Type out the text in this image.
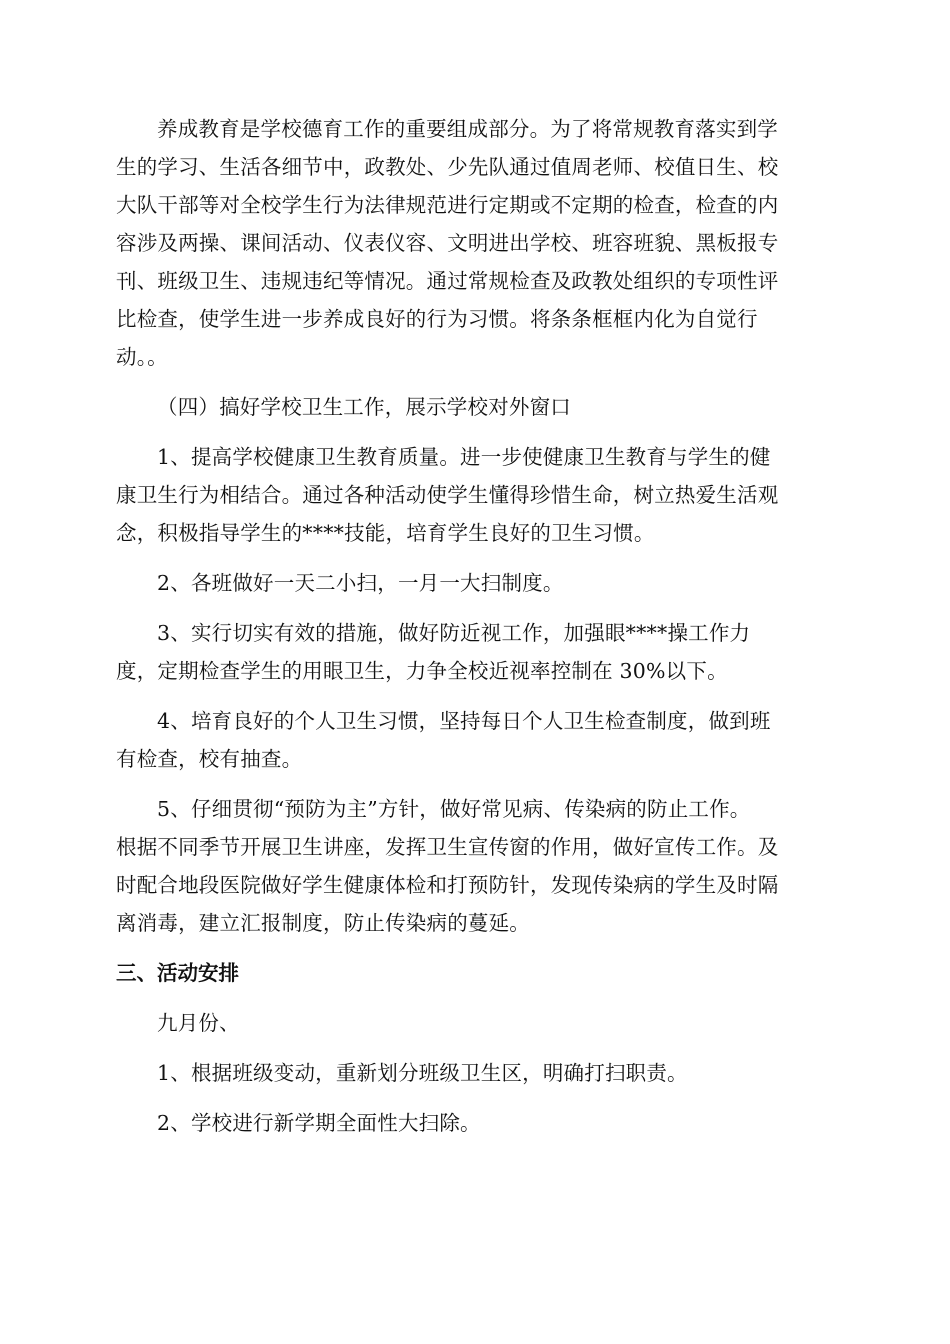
养成教育是学校德育工作的重要组成部分。为了将常规教育落实到学
生的学习、生活各细节中，政教处、少先队通过值周老师、校值日生、校
大队干部等对全校学生行为法律规范进行定期或不定期的检查，检查的内
容涉及两操、课间活动、仪表仪容、文明进出学校、班容班貌、黑板报专
刊、班级卫生、违规违纪等情况。通过常规检查及政教处组织的专项性评
比检查，使学生进一步养成良好的行为习惯。将条条框框内化为自觉行
动。。

（四）搞好学校卫生工作，展示学校对外窗口

1、提高学校健康卫生教育质量。进一步使健康卫生教育与学生的健
康卫生行为相结合。通过各种活动使学生懂得珍惜生命，树立热爱生活观
念，积极指导学生的****技能，培育学生良好的卫生习惯。

2、各班做好一天二小扫，一月一大扫制度。

3、实行切实有效的措施，做好防近视工作，加强眼****操工作力
度，定期检查学生的用眼卫生，力争全校近视率控制在 30%以下。

4、培育良好的个人卫生习惯，坚持每日个人卫生检查制度，做到班
有检查，校有抽查。

5、仔细贯彻“预防为主”方针，做好常见病、传染病的防止工作。
根据不同季节开展卫生讲座，发挥卫生宣传窗的作用，做好宣传工作。及
时配合地段医院做好学生健康体检和打预防针，发现传染病的学生及时隔
离消毒，建立汇报制度，防止传染病的蔓延。

三、活动安排

九月份、

1、根据班级变动，重新划分班级卫生区，明确打扫职责。

2、学校进行新学期全面性大扫除。
